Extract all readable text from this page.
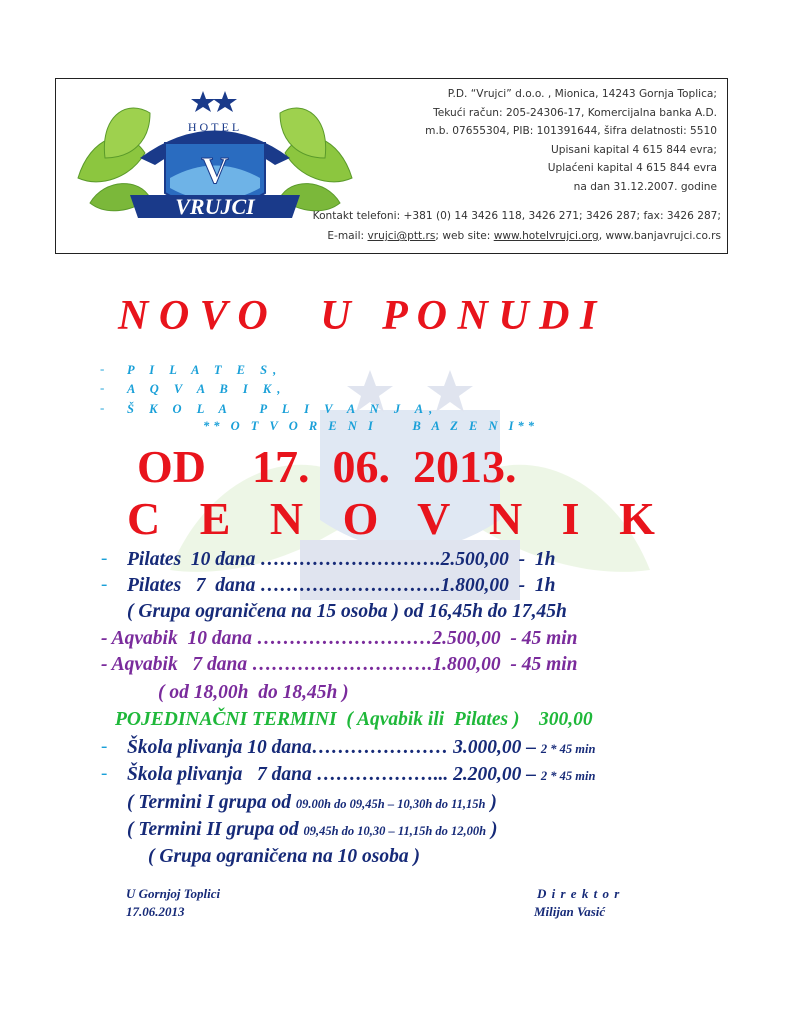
V
HOTEL
VRUJCI
P.D. “Vrujci” d.o.o. , Mionica, 14243 Gornja Toplica;
Tekući račun: 205-24306-17, Komercijalna banka A.D.
m.b. 07655304, PIB: 101391644, šifra delatnosti: 5510
Upisani kapital 4 615 844 evra;
Uplaćeni kapital 4 615 844 evra
na dan 31.12.2007. godine
Kontakt telefoni: +381 (0) 14 3426 118, 3426 271; 3426 287; fax: 3426 287;
E-mail: vrujci@ptt.rs; web site: www.hotelvrujci.org, www.banjavrujci.co.rs
N O V O     U   P O N U D I
- P I L A T E S,
- A Q V A B I K,
- Š K O L A   P L I V A N J A,
** O T V O R E N I     B A Z E N I**
OD    17.  06.  2013.
C E N O V N I K
- Pilates  10 dana ……………………….2.500,00  -  1h
- Pilates   7  dana ……………………….1.800,00  -  1h
( Grupa ograničena na 15 osoba ) od 16,45h do 17,45h
- Aqvabik  10 dana ………………………2.500,00  - 45 min
- Aqvabik   7 dana ……………………….1.800,00  - 45 min
( od 18,00h  do 18,45h )
POJEDINAČNI TERMINI  ( Aqvabik ili  Pilates )    300,00
- Škola plivanja 10 dana………………… 3.000,00 – 2 * 45 min
- Škola plivanja   7 dana ………………... 2.200,00 – 2 * 45 min
( Termini I grupa od 09.00h do 09,45h – 10,30h do 11,15h )
( Termini II grupa od 09,45h do 10,30 – 11,15h do 12,00h )
( Grupa ograničena na 10 osoba )
U Gornjoj Toplici
17.06.2013
D i r e k t o r
Milijan Vasić
